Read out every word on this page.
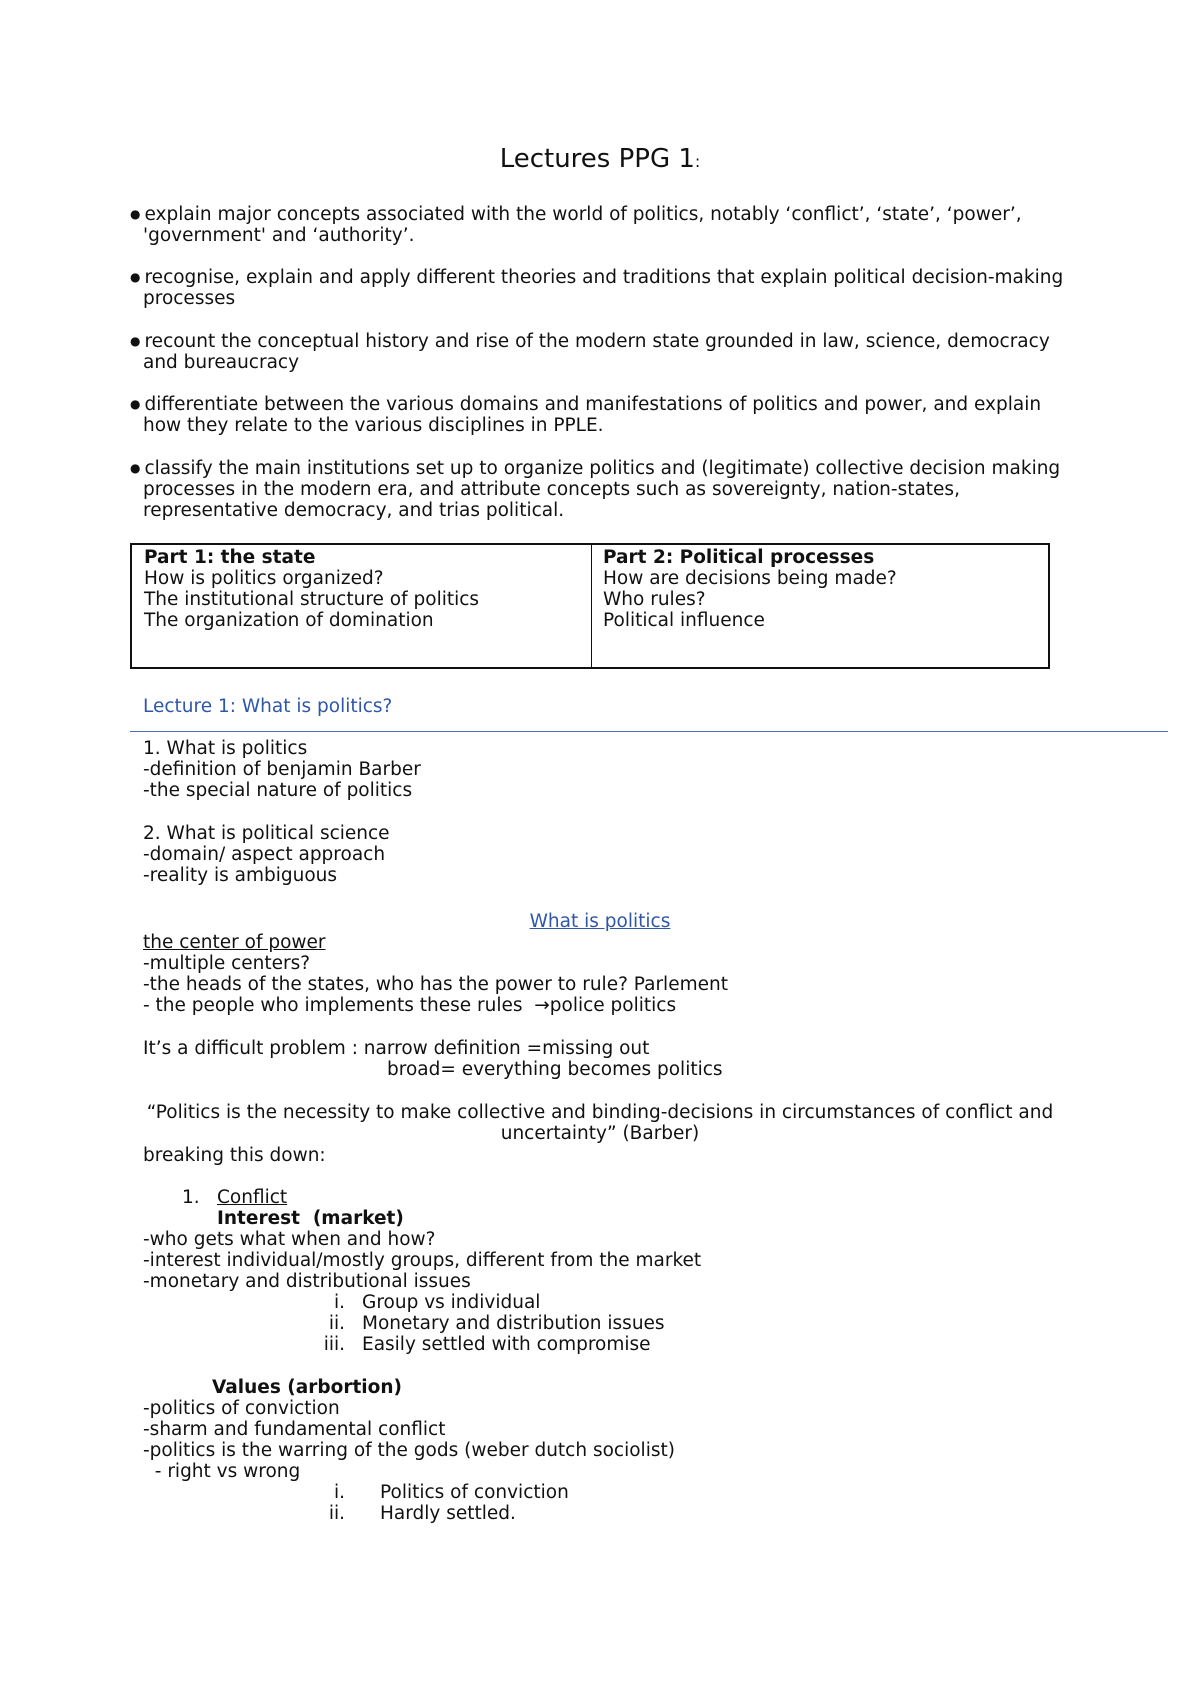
Lectures PPG 1:
● explain major concepts associated with the world of politics, notably ‘conflict’, ‘state’, ‘power’,
'government' and ‘authority’.
● recognise, explain and apply different theories and traditions that explain political decision-making
processes
● recount the conceptual history and rise of the modern state grounded in law, science, democracy
and bureaucracy
● differentiate between the various domains and manifestations of politics and power, and explain
how they relate to the various disciplines in PPLE.
● classify the main institutions set up to organize politics and (legitimate) collective decision making
processes in the modern era, and attribute concepts such as sovereignty, nation-states,
representative democracy, and trias political.
Part 1: the state
How is politics organized?
The institutional structure of politics
The organization of domination
Part 2: Political processes
How are decisions being made?
Who rules?
Political influence
Lecture 1: What is politics?
1. What is politics
-definition of benjamin Barber
-the special nature of politics
2. What is political science
-domain/ aspect approach
-reality is ambiguous
What is politics
the center of power
-multiple centers?
-the heads of the states, who has the power to rule? Parlement
- the people who implements these rules  →police politics
It’s a difficult problem : narrow definition =missing out
broad= everything becomes politics
“Politics is the necessity to make collective and binding-decisions in circumstances of conflict and
uncertainty” (Barber)
breaking this down:
1. Conflict
Interest  (market)
-who gets what when and how?
-interest individual/mostly groups, different from the market
-monetary and distributional issues
i. Group vs individual
ii. Monetary and distribution issues
iii. Easily settled with compromise
Values (arbortion)
-politics of conviction
-sharm and fundamental conflict
-politics is the warring of the gods (weber dutch sociolist)
- right vs wrong
i. Politics of conviction
ii. Hardly settled.
